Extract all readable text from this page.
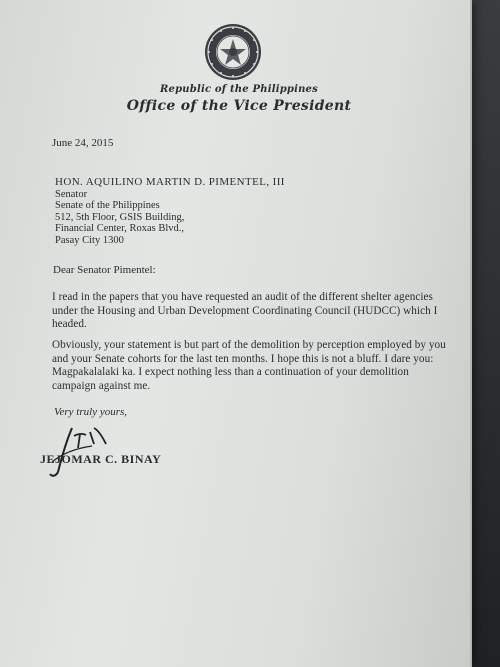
Republic of the Philippines
Office of the Vice President
June 24, 2015
HON. AQUILINO MARTIN D. PIMENTEL, III
Senator
Senate of the Philippines
512, 5th Floor, GSIS Building,
Financial Center, Roxas Blvd.,
Pasay City 1300
Dear Senator Pimentel:
I read in the papers that you have requested an audit of the different shelter agencies under the Housing and Urban Development Coordinating Council (HUDCC) which I headed.
Obviously, your statement is but part of the demolition by perception employed by you and your Senate cohorts for the last ten months. I hope this is not a bluff. I dare you: Magpakalalaki ka. I expect nothing less than a continuation of your demolition campaign against me.
Very truly yours,
JEJOMAR C. BINAY
